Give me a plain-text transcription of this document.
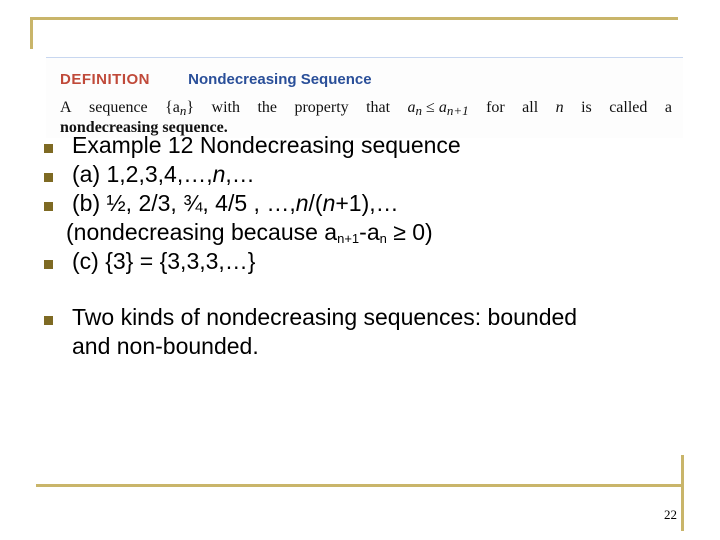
DEFINITION	Nondecreasing Sequence
A sequence $\{a_n\}$ with the property that $a_n \le a_{n+1}$ for all n is called a
nondecreasing sequence.
Example 12 Nondecreasing sequence
(a) 1,2,3,4,…,n,…
(b) ½, 2/3, ¾, 4/5 , …,n/(n+1),…
(nondecreasing because $a_{n+1}-a_n \ge 0$)
(c) {3} = {3,3,3,…}
Two kinds of nondecreasing sequences: bounded
and non-bounded.
22
